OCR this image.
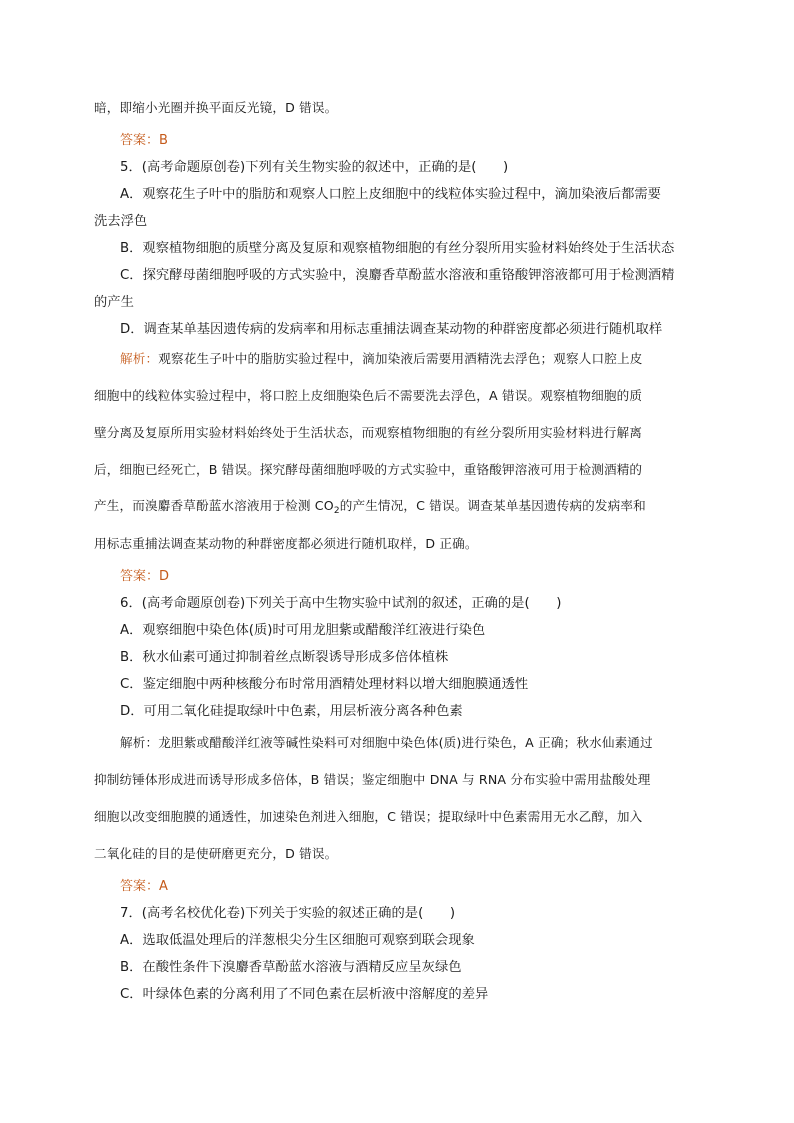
暗，即缩小光圈并换平面反光镜，D 错误。
答案：B
5．(高考命题原创卷)下列有关生物实验的叙述中，正确的是(　　)
A．观察花生子叶中的脂肪和观察人口腔上皮细胞中的线粒体实验过程中，滴加染液后都需要
洗去浮色
B．观察植物细胞的质壁分离及复原和观察植物细胞的有丝分裂所用实验材料始终处于生活状态
C．探究酵母菌细胞呼吸的方式实验中，溴麝香草酚蓝水溶液和重铬酸钾溶液都可用于检测酒精
的产生
D．调查某单基因遗传病的发病率和用标志重捕法调查某动物的种群密度都必须进行随机取样
解析：观察花生子叶中的脂肪实验过程中，滴加染液后需要用酒精洗去浮色；观察人口腔上皮
细胞中的线粒体实验过程中，将口腔上皮细胞染色后不需要洗去浮色，A 错误。观察植物细胞的质
壁分离及复原所用实验材料始终处于生活状态，而观察植物细胞的有丝分裂所用实验材料进行解离
后，细胞已经死亡，B 错误。探究酵母菌细胞呼吸的方式实验中，重铬酸钾溶液可用于检测酒精的
产生，而溴麝香草酚蓝水溶液用于检测 $CO_2$的产生情况，C 错误。调查某单基因遗传病的发病率和
用标志重捕法调查某动物的种群密度都必须进行随机取样，D 正确。
答案：D
6．(高考命题原创卷)下列关于高中生物实验中试剂的叙述，正确的是(　　)
A．观察细胞中染色体(质)时可用龙胆紫或醋酸洋红液进行染色
B．秋水仙素可通过抑制着丝点断裂诱导形成多倍体植株
C．鉴定细胞中两种核酸分布时常用酒精处理材料以增大细胞膜通透性
D．可用二氧化硅提取绿叶中色素，用层析液分离各种色素
解析：龙胆紫或醋酸洋红液等碱性染料可对细胞中染色体(质)进行染色，A 正确；秋水仙素通过
抑制纺锤体形成进而诱导形成多倍体，B 错误；鉴定细胞中 DNA 与 RNA 分布实验中需用盐酸处理
细胞以改变细胞膜的通透性，加速染色剂进入细胞，C 错误；提取绿叶中色素需用无水乙醇，加入
二氧化硅的目的是使研磨更充分，D 错误。
答案：A
7．(高考名校优化卷)下列关于实验的叙述正确的是(　　)
A．选取低温处理后的洋葱根尖分生区细胞可观察到联会现象
B．在酸性条件下溴麝香草酚蓝水溶液与酒精反应呈灰绿色
C．叶绿体色素的分离利用了不同色素在层析液中溶解度的差异
